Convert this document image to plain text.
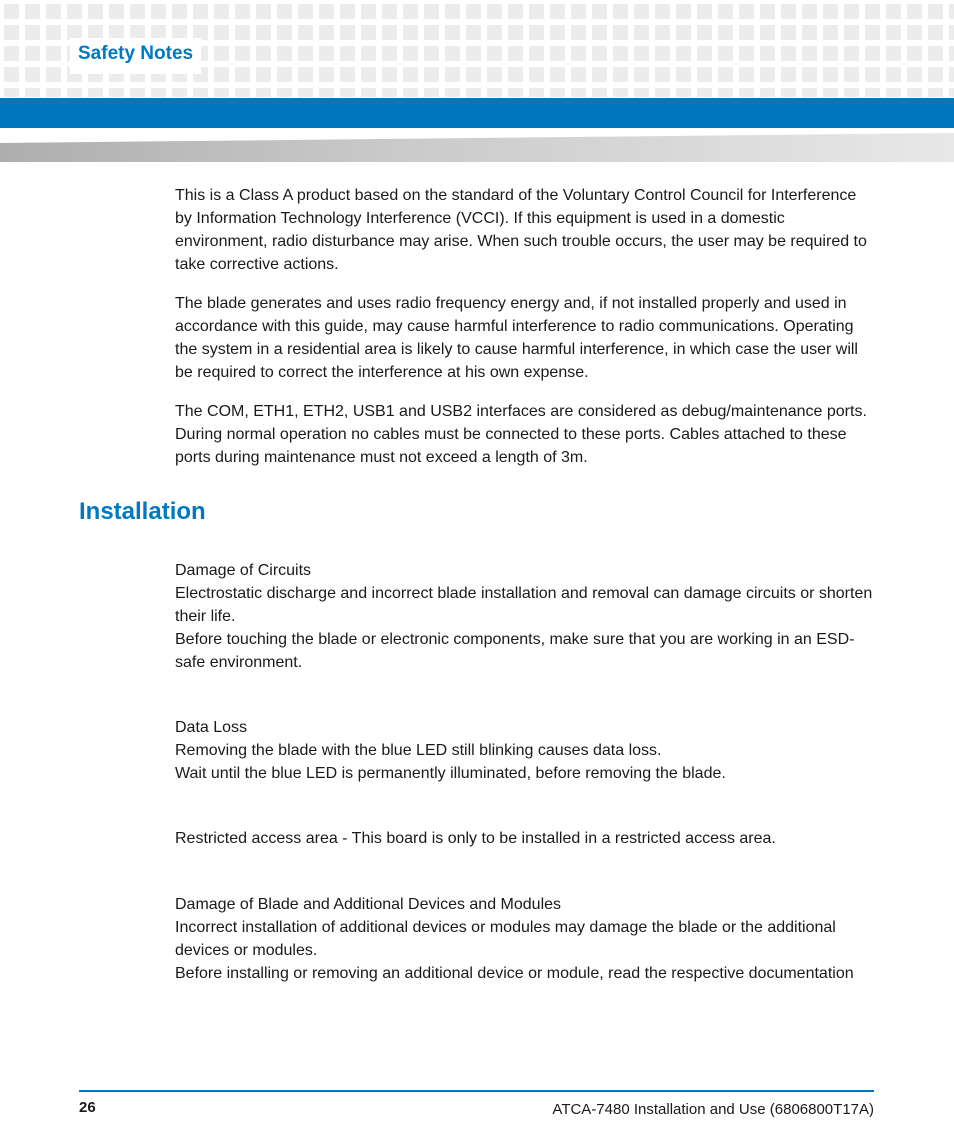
Safety Notes

This is a Class A product based on the standard of the Voluntary Control Council for Interference by Information Technology Interference (VCCI). If this equipment is used in a domestic environment, radio disturbance may arise. When such trouble occurs, the user may be required to take corrective actions.

The blade generates and uses radio frequency energy and, if not installed properly and used in accordance with this guide, may cause harmful interference to radio communications. Operating the system in a residential area is likely to cause harmful interference, in which case the user will be required to correct the interference at his own expense.

The COM, ETH1, ETH2, USB1 and USB2 interfaces are considered as debug/maintenance ports. During normal operation no cables must be connected to these ports. Cables attached to these ports during maintenance must not exceed a length of 3m.

Installation

Damage of Circuits

Electrostatic discharge and incorrect blade installation and removal can damage circuits or shorten their life.

Before touching the blade or electronic components, make sure that you are working in an ESD-safe environment.

Data Loss

Removing the blade with the blue LED still blinking causes data loss.

Wait until the blue LED is permanently illuminated, before removing the blade.

Restricted access area - This board is only to be installed in a restricted access area.

Damage of Blade and Additional Devices and Modules

Incorrect installation of additional devices or modules may damage the blade or the additional devices or modules.

Before installing or removing an additional device or module, read the respective documentation

26	ATCA-7480 Installation and Use (6806800T17A)
